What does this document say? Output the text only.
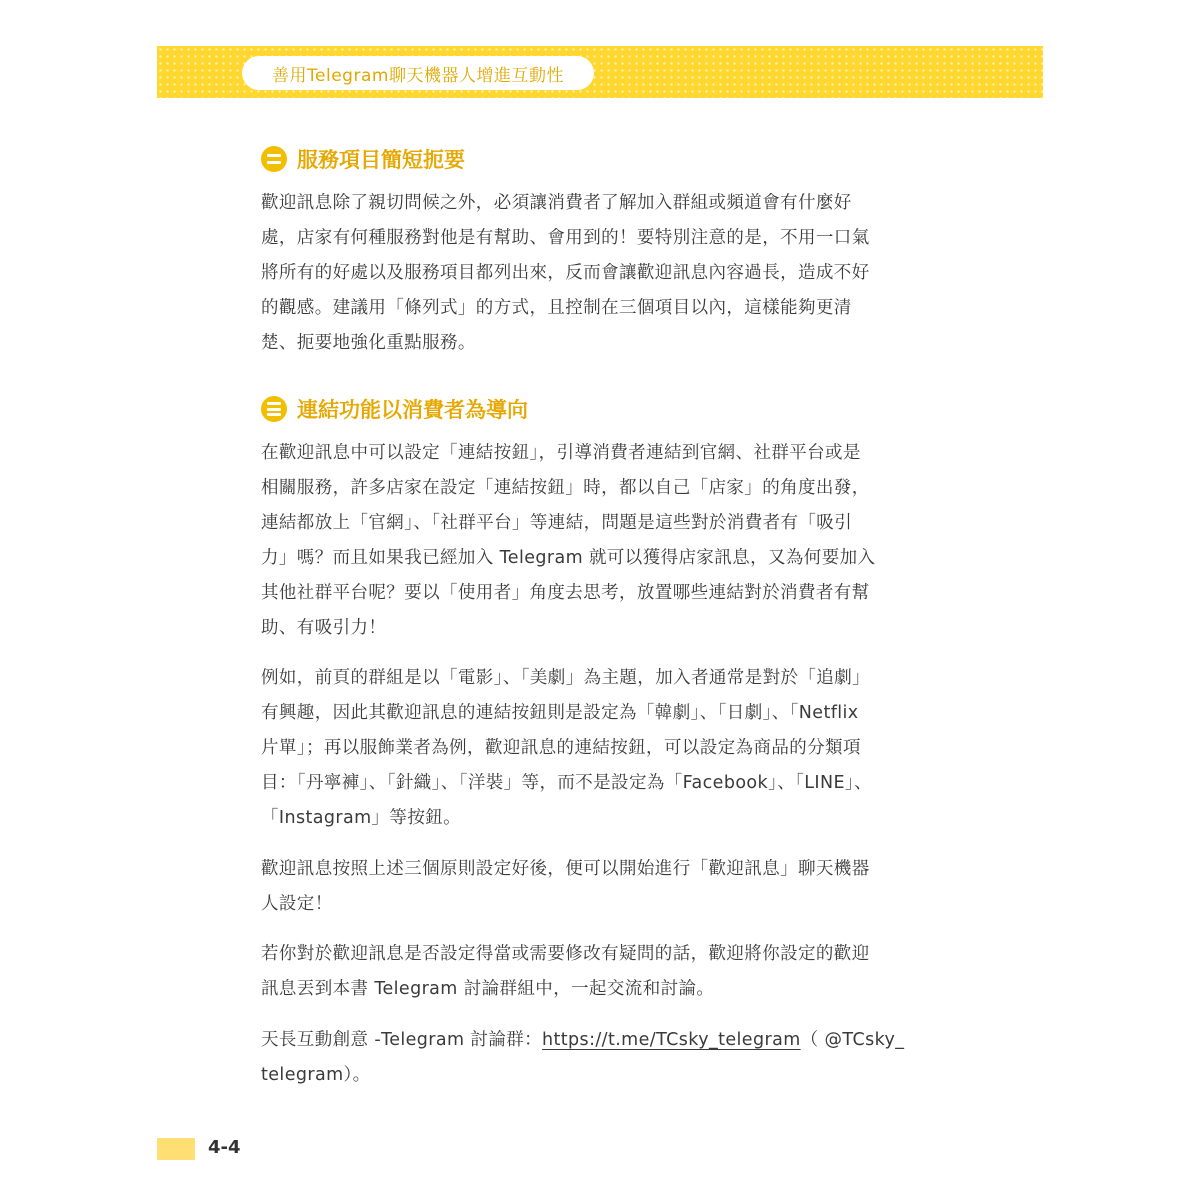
善用Telegram聊天機器人增進互動性
服務項目簡短扼要
歡迎訊息除了親切問候之外，必須讓消費者了解加入群組或頻道會有什麼好
處，店家有何種服務對他是有幫助、會用到的！要特別注意的是，不用一口氣
將所有的好處以及服務項目都列出來，反而會讓歡迎訊息內容過長，造成不好
的觀感。建議用「條列式」的方式，且控制在三個項目以內，這樣能夠更清
楚、扼要地強化重點服務。
連結功能以消費者為導向
在歡迎訊息中可以設定「連結按鈕」，引導消費者連結到官網、社群平台或是
相關服務，許多店家在設定「連結按鈕」時，都以自己「店家」的角度出發，
連結都放上「官網」、「社群平台」等連結，問題是這些對於消費者有「吸引
力」嗎？而且如果我已經加入 Telegram 就可以獲得店家訊息，又為何要加入
其他社群平台呢？要以「使用者」角度去思考，放置哪些連結對於消費者有幫
助、有吸引力！
例如，前頁的群組是以「電影」、「美劇」為主題，加入者通常是對於「追劇」
有興趣，因此其歡迎訊息的連結按鈕則是設定為「韓劇」、「日劇」、「Netflix
片單」；再以服飾業者為例，歡迎訊息的連結按鈕，可以設定為商品的分類項
目：「丹寧褲」、「針織」、「洋裝」等，而不是設定為「Facebook」、「LINE」、
「Instagram」等按鈕。
歡迎訊息按照上述三個原則設定好後，便可以開始進行「歡迎訊息」聊天機器
人設定！
若你對於歡迎訊息是否設定得當或需要修改有疑問的話，歡迎將你設定的歡迎
訊息丟到本書 Telegram 討論群組中，一起交流和討論。
天長互動創意 -Telegram 討論群：https://t.me/TCsky_telegram（ @TCsky_
telegram）。
4-4
